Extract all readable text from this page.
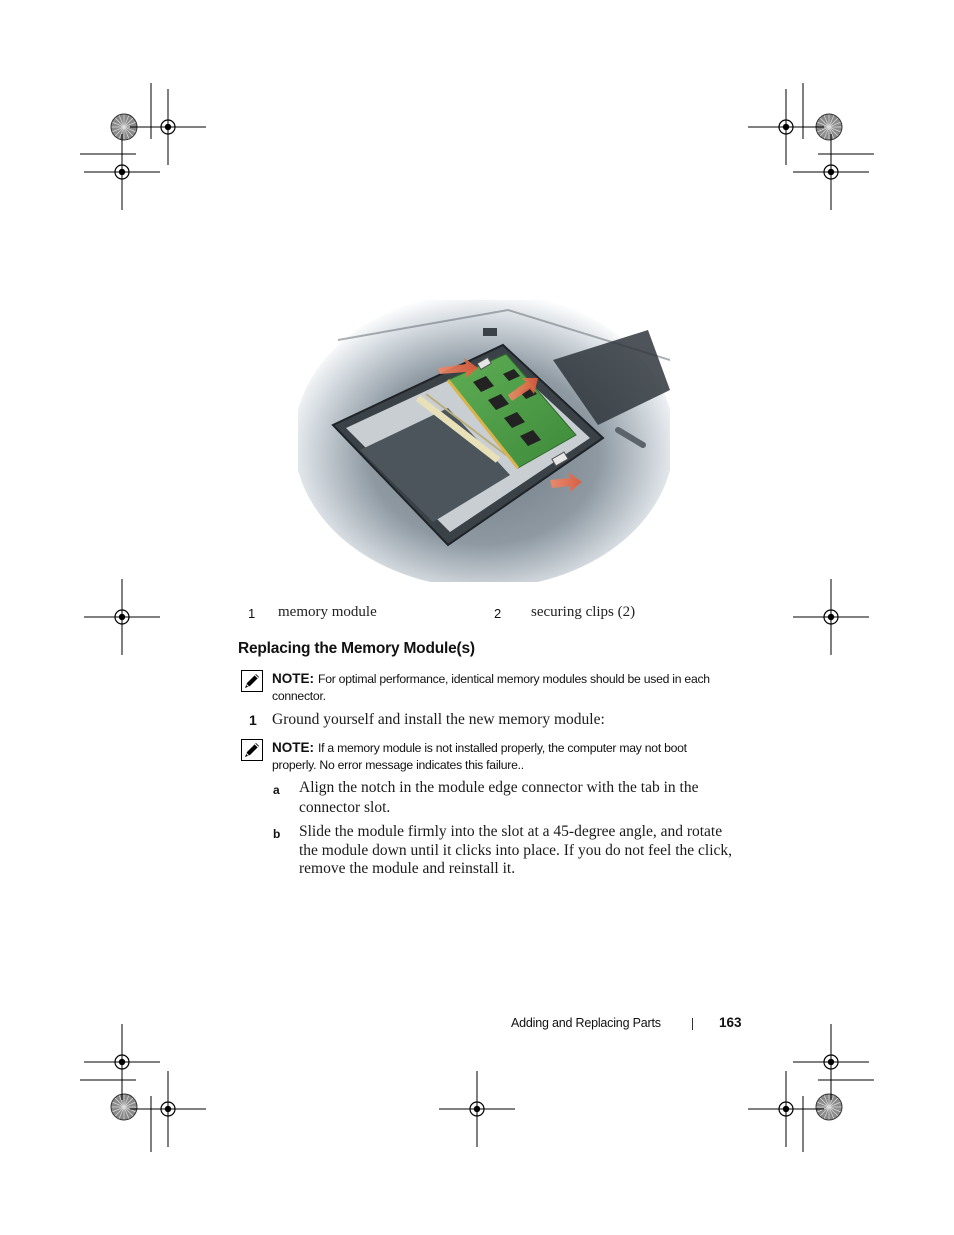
1 memory module	2 securing clips (2)
Replacing the Memory Module(s)
NOTE: For optimal performance, identical memory modules should be used in each
connector.
1 Ground yourself and install the new memory module:
NOTE: If a memory module is not installed properly, the computer may not boot
properly. No error message indicates this failure..
a Align the notch in the module edge connector with the tab in the
connector slot.
b Slide the module firmly into the slot at a 45-degree angle, and rotate
the module down until it clicks into place. If you do not feel the click,
remove the module and reinstall it.
Adding and Replacing Parts	163
